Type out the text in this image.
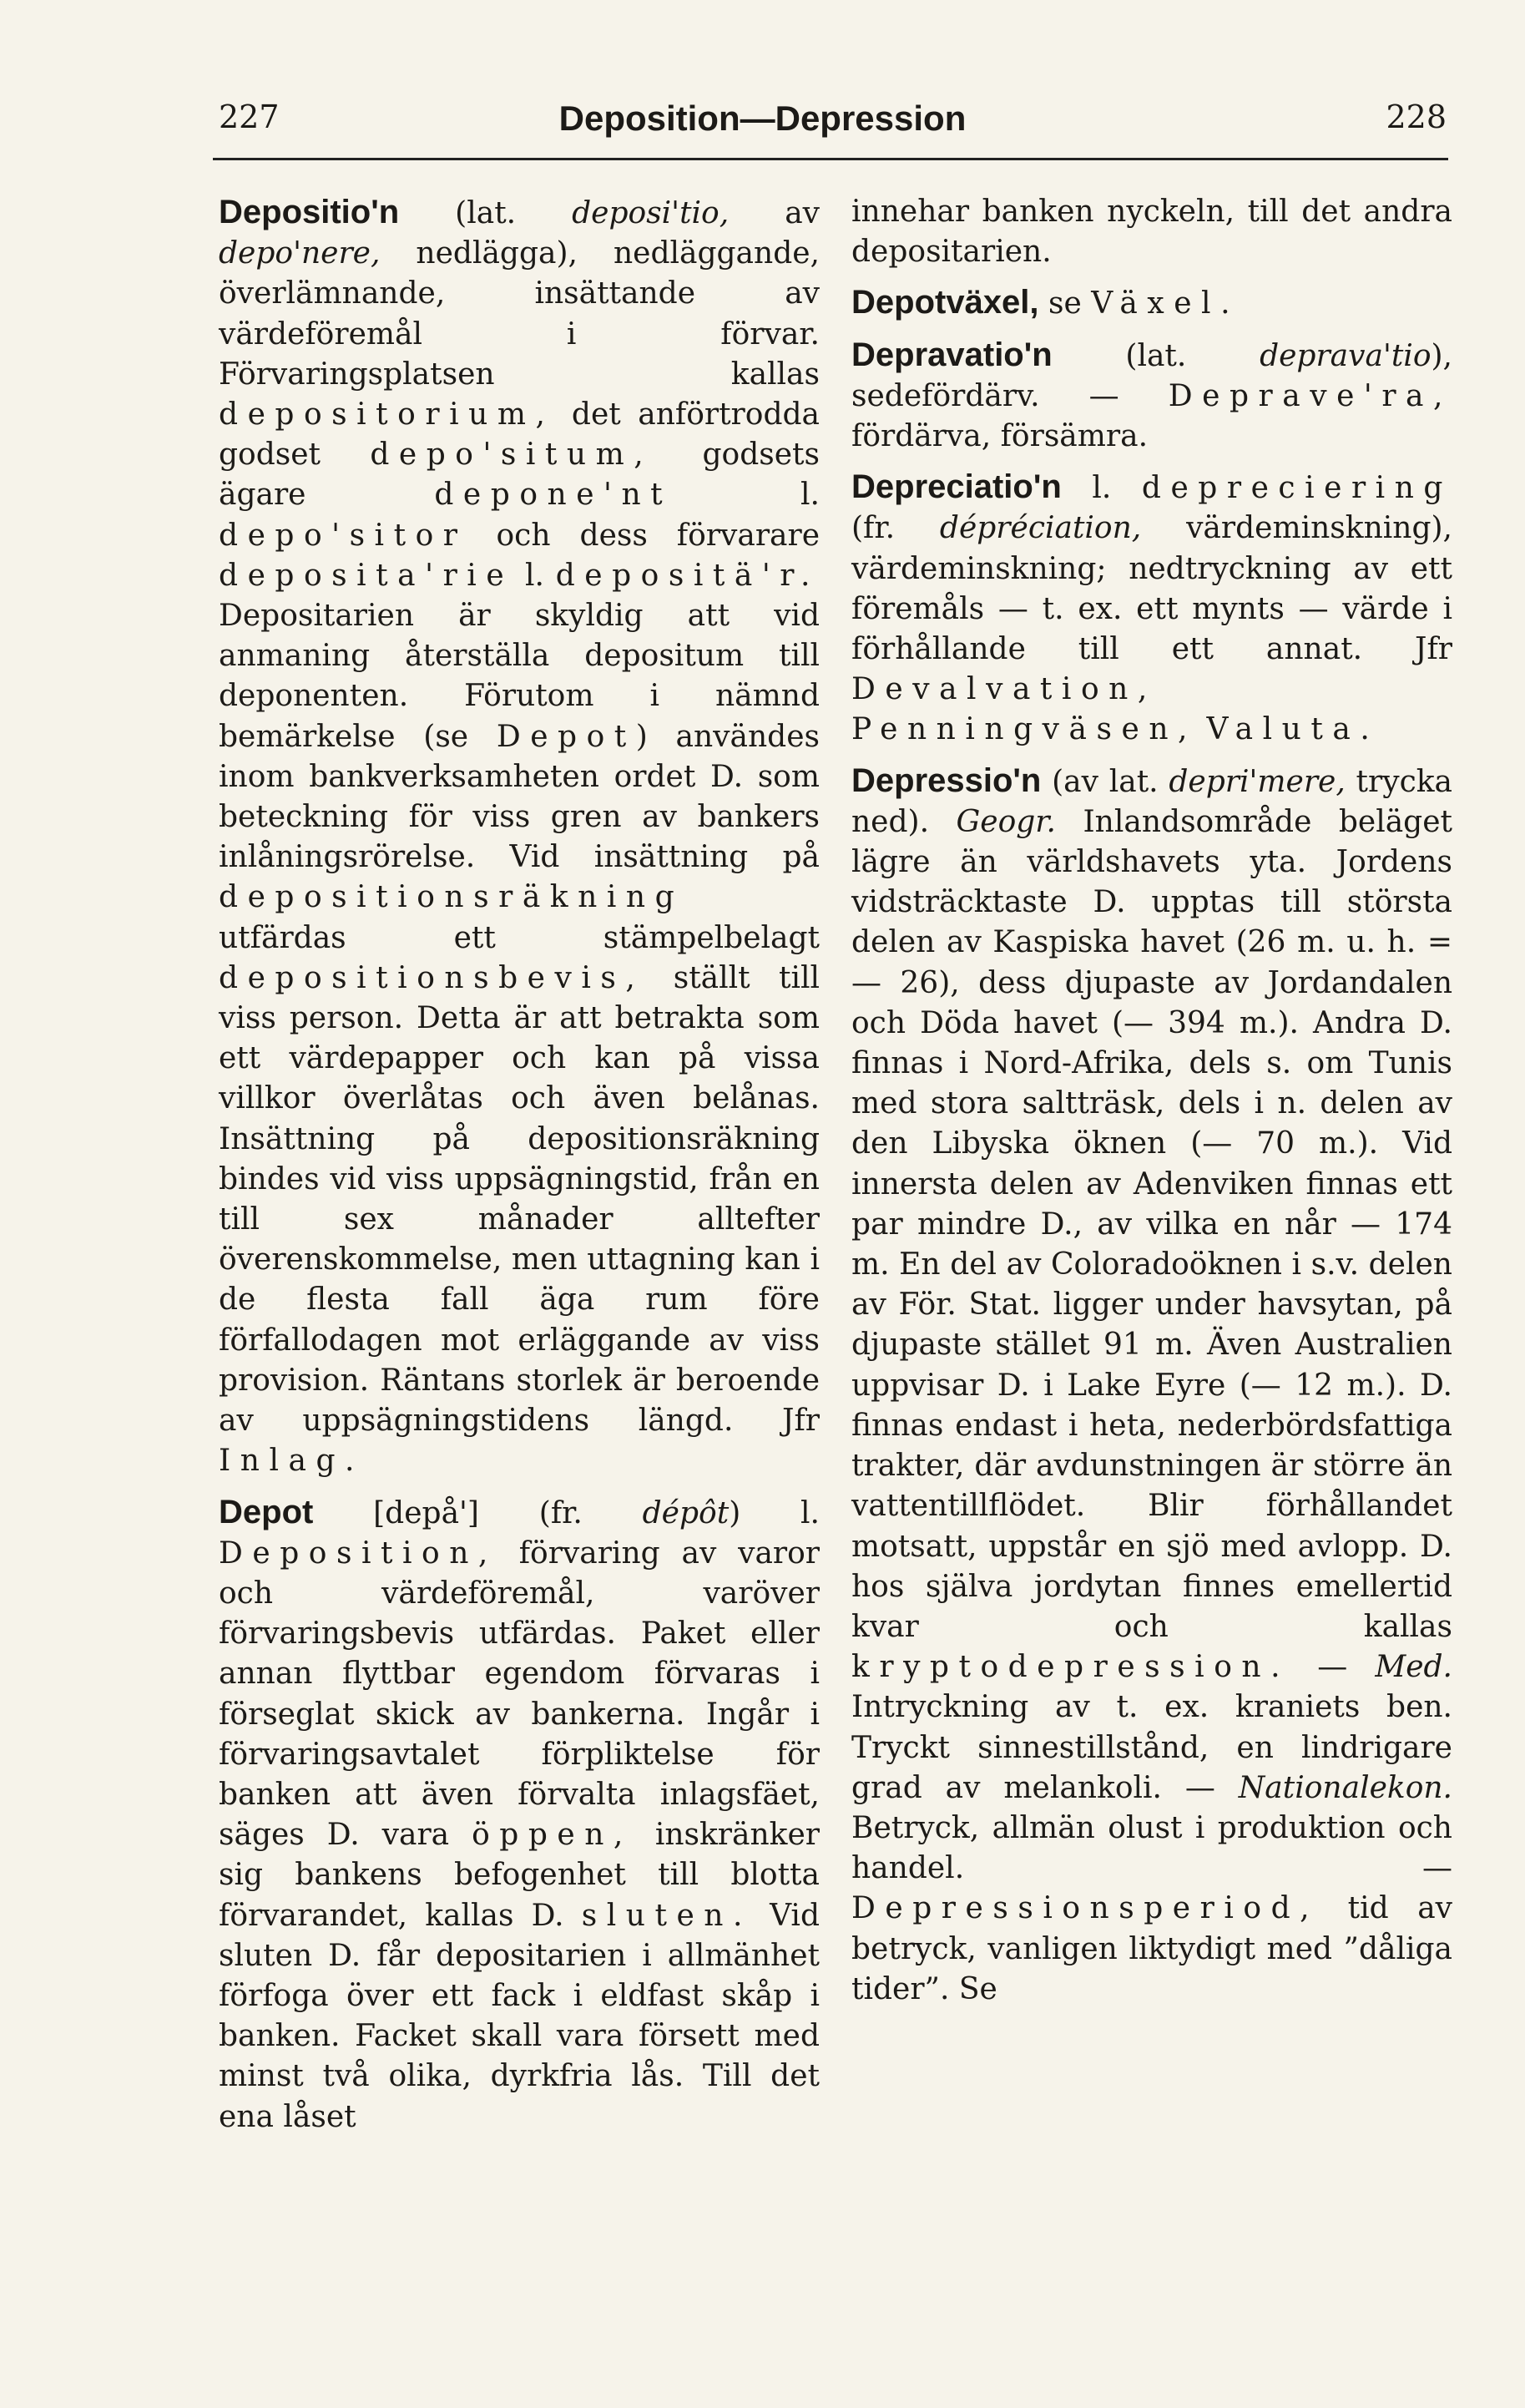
227	Deposition—Depression	228

Depositio'n (lat. deposi'tio, av depo'nere, nedlägga), nedläggande, överlämnande, insättande av värdeföremål i förvar. Förvaringsplatsen kallas depositorium, det anförtrodda godset depo'situm, godsets ägare depone'nt l. depo'sitor och dess förvarare deposita'rie l. depositä'r. Depositarien är skyldig att vid anmaning återställa depositum till deponenten. Förutom i nämnd bemärkelse (se Depot) användes inom bankverksamheten ordet D. som beteckning för viss gren av bankers inlåningsrörelse. Vid insättning på depositionsräkning utfärdas ett stämpelbelagt depositionsbevis, ställt till viss person. Detta är att betrakta som ett värdepapper och kan på vissa villkor överlåtas och även belånas. Insättning på depositionsräkning bindes vid viss uppsägningstid, från en till sex månader alltefter överenskommelse, men uttagning kan i de flesta fall äga rum före förfallodagen mot erläggande av viss provision. Räntans storlek är beroende av uppsägningstidens längd. Jfr Inlag.

Depot [depå'] (fr. dépôt) l. Deposition, förvaring av varor och värdeföremål, varöver förvaringsbevis utfärdas. Paket eller annan flyttbar egendom förvaras i förseglat skick av bankerna. Ingår i förvaringsavtalet förpliktelse för banken att även förvalta inlagsfäet, säges D. vara öppen, inskränker sig bankens befogenhet till blotta förvarandet, kallas D. sluten. Vid sluten D. får depositarien i allmänhet förfoga över ett fack i eldfast skåp i banken. Facket skall vara försett med minst två olika, dyrkfria lås. Till det ena låset

innehar banken nyckeln, till det andra depositarien.

Depotväxel, se Växel.

Depravatio'n (lat. deprava'tio), sedefördärv. — Deprave'ra, fördärva, försämra.

Depreciatio'n l. depreciering (fr. dépréciation, värdeminskning), värdeminskning; nedtryckning av ett föremåls — t. ex. ett mynts — värde i förhållande till ett annat. Jfr Devalvation, Penningväsen, Valuta.

Depressio'n (av lat. depri'mere, trycka ned). Geogr. Inlandsområde beläget lägre än världshavets yta. Jordens vidsträcktaste D. upptas till största delen av Kaspiska havet (26 m. u. h. = — 26), dess djupaste av Jordandalen och Döda havet (— 394 m.). Andra D. finnas i Nord-Afrika, dels s. om Tunis med stora saltträsk, dels i n. delen av den Libyska öknen (— 70 m.). Vid innersta delen av Adenviken finnas ett par mindre D., av vilka en når — 174 m. En del av Coloradoöknen i s.v. delen av För. Stat. ligger under havsytan, på djupaste stället 91 m. Även Australien uppvisar D. i Lake Eyre (— 12 m.). D. finnas endast i heta, nederbördsfattiga trakter, där avdunstningen är större än vattentillflödet. Blir förhållandet motsatt, uppstår en sjö med avlopp. D. hos själva jordytan finnes emellertid kvar och kallas kryptodepression. — Med. Intryckning av t. ex. kraniets ben. Tryckt sinnestillstånd, en lindrigare grad av melankoli. — Nationalekon. Betryck, allmän olust i produktion och handel. — Depressionsperiod, tid av betryck, vanligen liktydigt med ”dåliga tider”. Se
